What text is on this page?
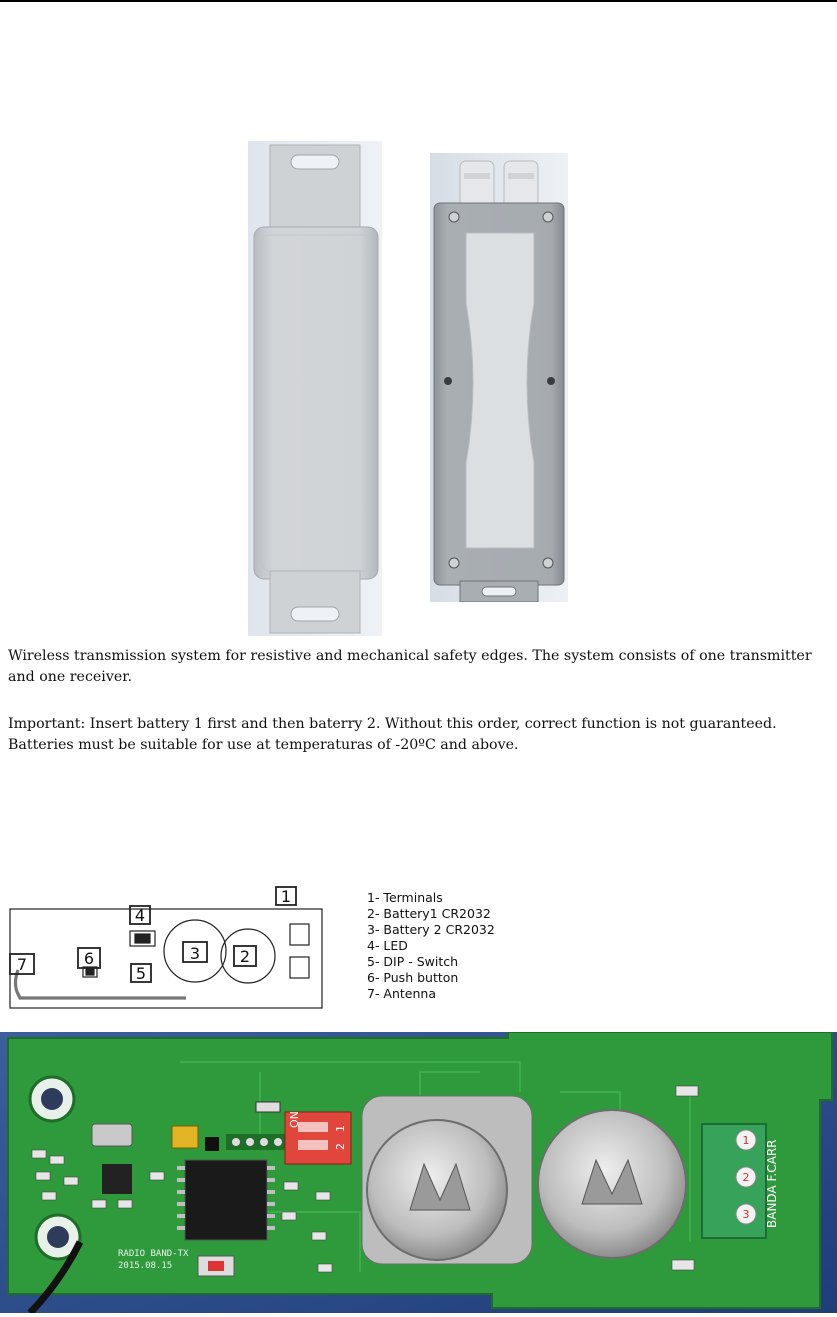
Wireless transmission system for resistive and mechanical safety edges. The system consists of one transmitter and one receiver.

Important: Insert battery 1 first and then baterry 2. Without this order, correct function is not guaranteed. Batteries must be suitable for use at temperaturas of -20ºC and above.

1
2
3
4
5
6
7
1- Terminals
2- Battery1 CR2032
3- Battery 2 CR2032
4- LED
5- DIP - Switch
6- Push button
7- Antenna
ON
1
2	1
2
3 BANDA F.CARR
RADIO BAND-TX
2015.08.15
